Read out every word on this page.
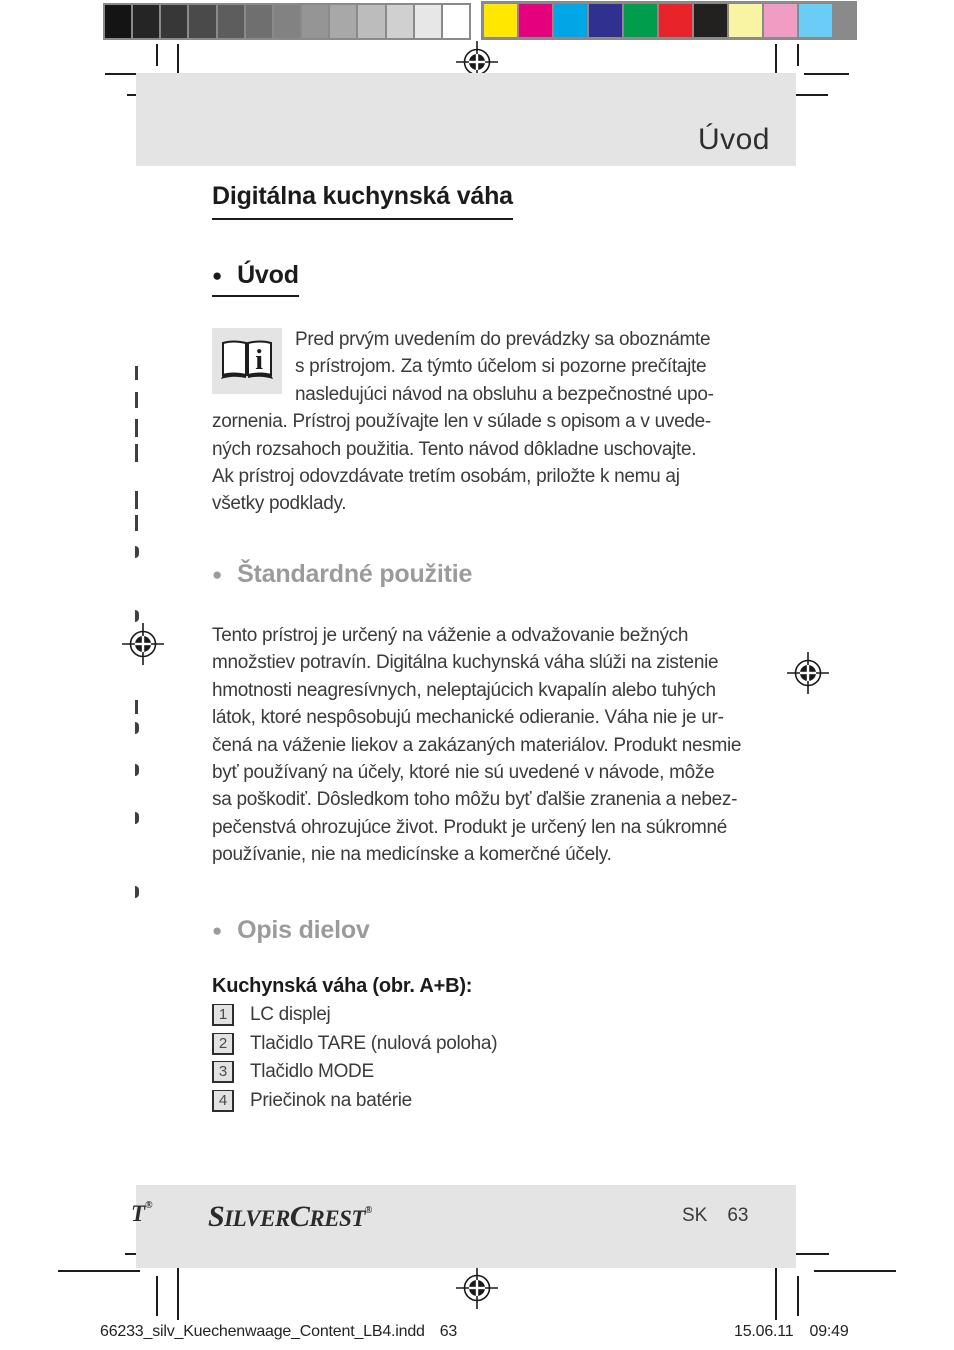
Úvod
Digitálna kuchynská váha
● Úvod
i
Pred prvým uvedením do prevádzky sa oboznámte
s prístrojom. Za týmto účelom si pozorne prečítajte
nasledujúci návod na obsluhu a bezpečnostné upo-
zornenia. Prístroj používajte len v súlade s opisom a v uvede-
ných rozsahoch použitia. Tento návod dôkladne uschovajte.
Ak prístroj odovzdávate tretím osobám, priložte k nemu aj
všetky podklady.
● Štandardné použitie
Tento prístroj je určený na váženie a odvažovanie bežných
množstiev potravín. Digitálna kuchynská váha slúži na zistenie
hmotnosti neagresívnych, neleptajúcich kvapalín alebo tuhých
látok, ktoré nespôsobujú mechanické odieranie. Váha nie je ur-
čená na váženie liekov a zakázaných materiálov. Produkt nesmie
byť používaný na účely, ktoré nie sú uvedené v návode, môže
sa poškodiť. Dôsledkom toho môžu byť ďalšie zranenia a nebez-
pečenstvá ohrozujúce život. Produkt je určený len na súkromné
používanie, nie na medicínske a komerčné účely.
● Opis dielov
Kuchynská váha (obr. A+B):
1	LC displej
2	Tlačidlo TARE (nulová poloha)
3	Tlačidlo MODE
4	Priečinok na batérie
T® SILVERCREST®	SK 63
66233_silv_Kuechenwaage_Content_LB4.indd 63	15.06.11 09:49
